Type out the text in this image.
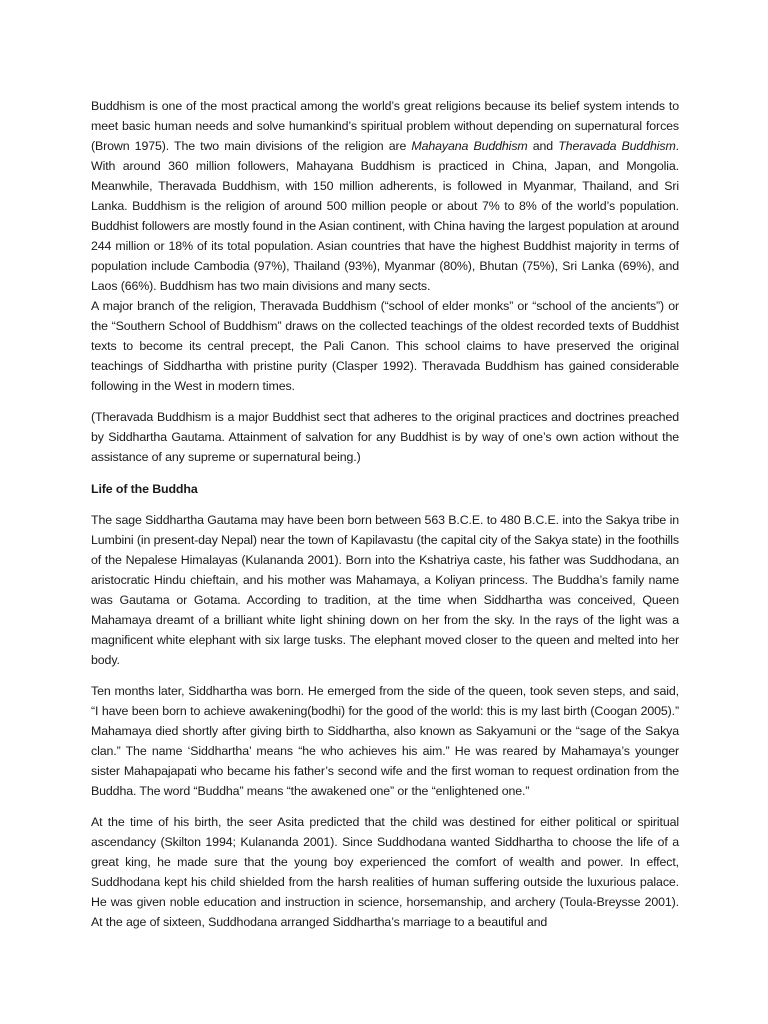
Buddhism is one of the most practical among the world’s great religions because its belief system intends to meet basic human needs and solve humankind’s spiritual problem without depending on supernatural forces (Brown 1975). The two main divisions of the religion are Mahayana Buddhism and Theravada Buddhism. With around 360 million followers, Mahayana Buddhism is practiced in China, Japan, and Mongolia. Meanwhile, Theravada Buddhism, with 150 million adherents, is followed in Myanmar, Thailand, and Sri Lanka. Buddhism is the religion of around 500 million people or about 7% to 8% of the world’s population. Buddhist followers are mostly found in the Asian continent, with China having the largest population at around 244 million or 18% of its total population. Asian countries that have the highest Buddhist majority in terms of population include Cambodia (97%), Thailand (93%), Myanmar (80%), Bhutan (75%), Sri Lanka (69%), and Laos (66%). Buddhism has two main divisions and many sects.

A major branch of the religion, Theravada Buddhism (“school of elder monks” or “school of the ancients”) or the “Southern School of Buddhism” draws on the collected teachings of the oldest recorded texts of Buddhist texts to become its central precept, the Pali Canon. This school claims to have preserved the original teachings of Siddhartha with pristine purity (Clasper 1992). Theravada Buddhism has gained considerable following in the West in modern times.

(Theravada Buddhism is a major Buddhist sect that adheres to the original practices and doctrines preached by Siddhartha Gautama. Attainment of salvation for any Buddhist is by way of one’s own action without the assistance of any supreme or supernatural being.)

Life of the Buddha

The sage Siddhartha Gautama may have been born between 563 B.C.E. to 480 B.C.E. into the Sakya tribe in Lumbini (in present-day Nepal) near the town of Kapilavastu (the capital city of the Sakya state) in the foothills of the Nepalese Himalayas (Kulananda 2001). Born into the Kshatriya caste, his father was Suddhodana, an aristocratic Hindu chieftain, and his mother was Mahamaya, a Koliyan princess. The Buddha’s family name was Gautama or Gotama. According to tradition, at the time when Siddhartha was conceived, Queen Mahamaya dreamt of a brilliant white light shining down on her from the sky. In the rays of the light was a magnificent white elephant with six large tusks. The elephant moved closer to the queen and melted into her body.

Ten months later, Siddhartha was born. He emerged from the side of the queen, took seven steps, and said, “I have been born to achieve awakening(bodhi) for the good of the world: this is my last birth (Coogan 2005).” Mahamaya died shortly after giving birth to Siddhartha, also known as Sakyamuni or the “sage of the Sakya clan.” The name ‘Siddhartha’ means “he who achieves his aim.” He was reared by Mahamaya’s younger sister Mahapajapati who became his father’s second wife and the first woman to request ordination from the Buddha. The word “Buddha” means “the awakened one” or the “enlightened one.”

At the time of his birth, the seer Asita predicted that the child was destined for either political or spiritual ascendancy (Skilton 1994; Kulananda 2001). Since Suddhodana wanted Siddhartha to choose the life of a great king, he made sure that the young boy experienced the comfort of wealth and power. In effect, Suddhodana kept his child shielded from the harsh realities of human suffering outside the luxurious palace. He was given noble education and instruction in science, horsemanship, and archery (Toula-Breysse 2001). At the age of sixteen, Suddhodana arranged Siddhartha’s marriage to a beautiful and
